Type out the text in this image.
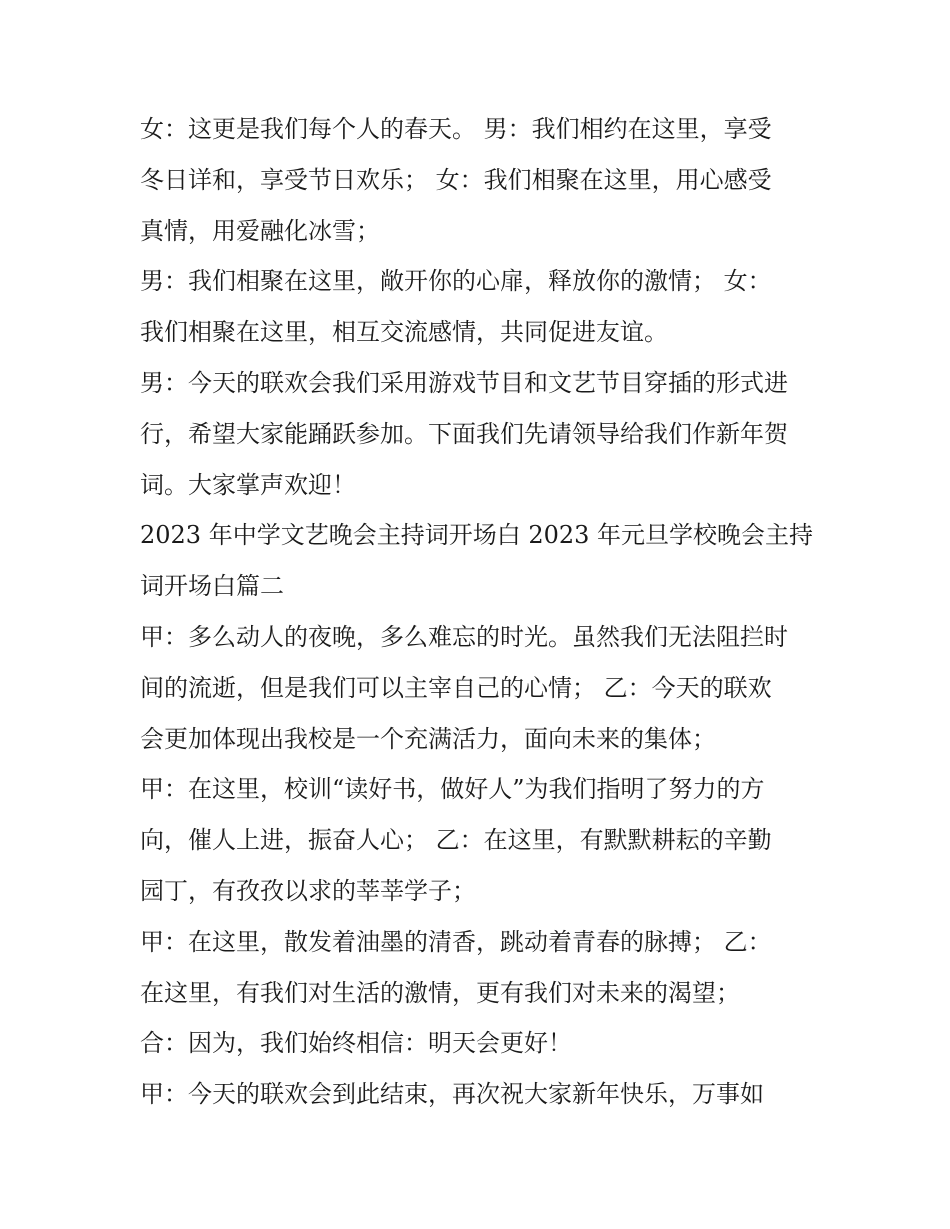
女：这更是我们每个人的春天。 男：我们相约在这里，享受
冬日详和，享受节日欢乐； 女：我们相聚在这里，用心感受
真情，用爱融化冰雪；
男：我们相聚在这里，敞开你的心扉，释放你的激情； 女：
我们相聚在这里，相互交流感情，共同促进友谊。
男：今天的联欢会我们采用游戏节目和文艺节目穿插的形式进
行，希望大家能踊跃参加。下面我们先请领导给我们作新年贺
词。大家掌声欢迎！
2023 年中学文艺晚会主持词开场白 2023 年元旦学校晚会主持
词开场白篇二
甲：多么动人的夜晚，多么难忘的时光。虽然我们无法阻拦时
间的流逝，但是我们可以主宰自己的心情； 乙：今天的联欢
会更加体现出我校是一个充满活力，面向未来的集体；
甲：在这里，校训“读好书，做好人”为我们指明了努力的方
向，催人上进，振奋人心； 乙：在这里，有默默耕耘的辛勤
园丁，有孜孜以求的莘莘学子；
甲：在这里，散发着油墨的清香，跳动着青春的脉搏； 乙：
在这里，有我们对生活的激情，更有我们对未来的渴望；
合：因为，我们始终相信：明天会更好！
甲：今天的联欢会到此结束，再次祝大家新年快乐，万事如
